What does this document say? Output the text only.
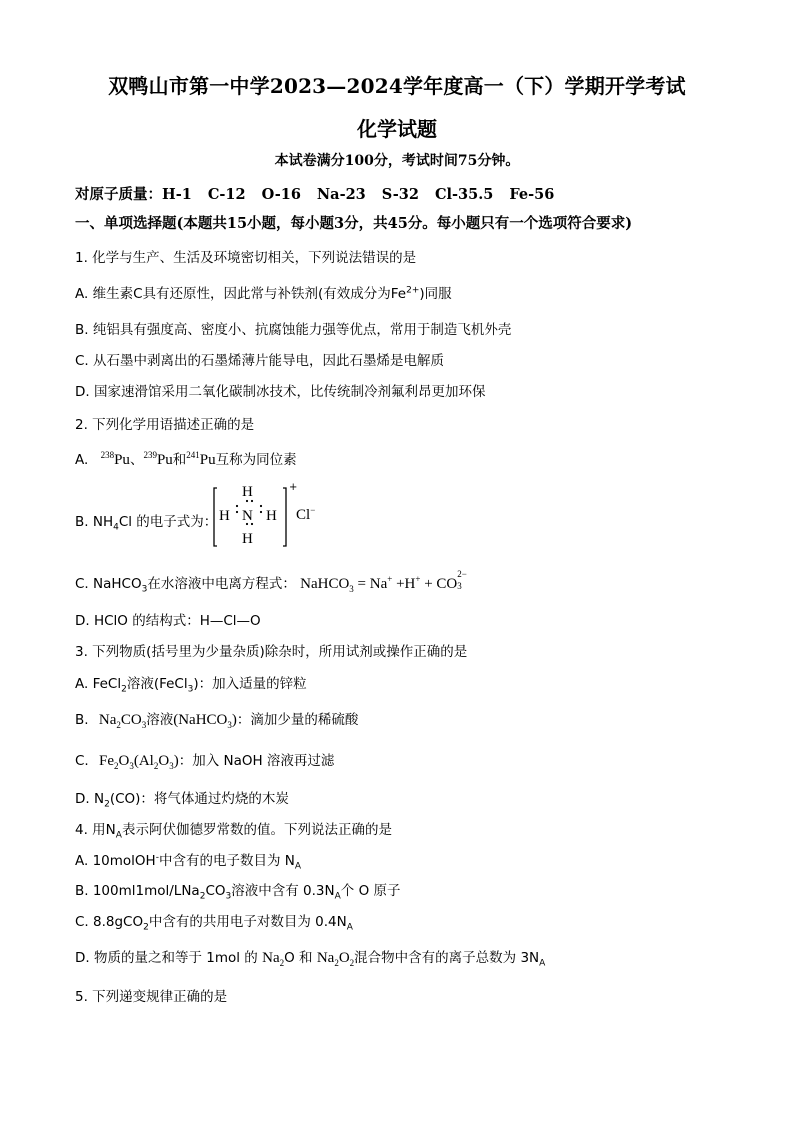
双鸭山市第一中学2023—2024学年度高一（下）学期开学考试
化学试题
本试卷满分100分，考试时间75分钟。
对原子质量：H-1 C-12 O-16 Na-23 S-32 Cl-35.5 Fe-56
一、单项选择题(本题共15小题，每小题3分，共45分。每小题只有一个选项符合要求)
1. 化学与生产、生活及环境密切相关，下列说法错误的是
A. 维生素C具有还原性，因此常与补铁剂(有效成分为$Fe^{2+}$)同服
B. 纯铝具有强度高、密度小、抗腐蚀能力强等优点，常用于制造飞机外壳
C. 从石墨中剥离出的石墨烯薄片能导电，因此石墨烯是电解质
D. 国家速滑馆采用二氧化碳制冰技术，比传统制冷剂氟利昂更加环保
2. 下列化学用语描述正确的是
A. $^{238}$Pu、$^{239}$Pu和$^{241}$Pu互称为同位素
B. $NH_4Cl$ 的电子式为：
H
H N H
H
+
Cl−
C. NaHCO$_3$在水溶液中电离方程式： NaHCO$_3$ = Na+ +H+ + CO
2−
3
D. HClO 的结构式：H—Cl—O
3. 下列物质(括号里为少量杂质)除杂时，所用试剂或操作正确的是
A. FeCl$_2$溶液(FeCl$_3$)：加入适量的锌粒
B. $Na_2CO_3$溶液(NaHCO$_3$)：滴加少量的稀硫酸
C. $Fe_2O_3(Al_2O_3)$：加入 NaOH 溶液再过滤
D. $N_2(CO)$：将气体通过灼烧的木炭
4. 用$N_A$表示阿伏伽德罗常数的值。下列说法正确的是
A. 10molOH-中含有的电子数目为 $N_A$
B. $100ml1mol/LNa_2CO_3$溶液中含有 $0.3N_A$个 O 原子
C. 8.8gCO$_2$中含有的共用电子对数目为 $0.4N_A$
D. 物质的量之和等于 1mol 的 $Na_2O$ 和 $Na_2O_2$混合物中含有的离子总数为 $3N_A$
5. 下列递变规律正确的是
